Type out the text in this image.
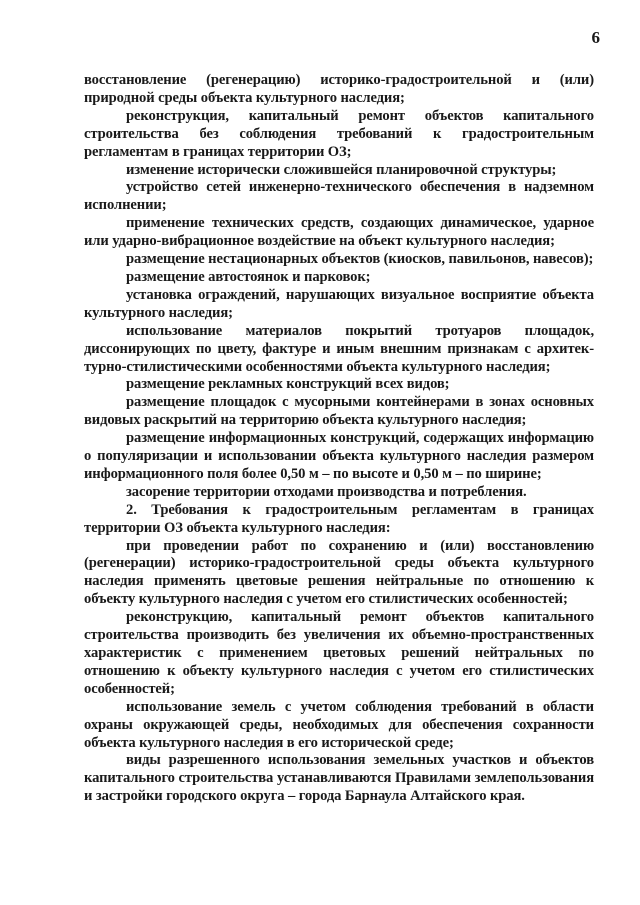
6

восстановление (регенерацию) историко-градостроительной и (или) природной среды объекта культурного наследия;

реконструкция, капитальный ремонт объектов капитального строительства без соблюдения требований к градостроительным регламентам в границах территории ОЗ;

изменение исторически сложившейся планировочной структуры;

устройство сетей инженерно-технического обеспечения в надземном исполнении;

применение технических средств, создающих динамическое, ударное или ударно-вибрационное воздействие на объект культурного наследия;

размещение нестационарных объектов (киосков, павильонов, навесов);

размещение автостоянок и парковок;

установка ограждений, нарушающих визуальное восприятие объекта культурного наследия;

использование материалов покрытий тротуаров площадок, диссонирующих по цвету, фактуре и иным внешним признакам с архитек-турно-стилистическими особенностями объекта культурного наследия;

размещение рекламных конструкций всех видов;

размещение площадок с мусорными контейнерами в зонах основных видовых раскрытий на территорию объекта культурного наследия;

размещение информационных конструкций, содержащих информацию о популяризации и использовании объекта культурного наследия размером информационного поля более 0,50 м – по высоте и 0,50 м – по ширине;

засорение территории отходами производства и потребления.

2. Требования к градостроительным регламентам в границах территории ОЗ объекта культурного наследия:

при проведении работ по сохранению и (или) восстановлению (регенерации) историко-градостроительной среды объекта культурного наследия применять цветовые решения нейтральные по отношению к объекту культурного наследия с учетом его стилистических особенностей;

реконструкцию, капитальный ремонт объектов капитального строительства производить без увеличения их объемно-пространственных характеристик с применением цветовых решений нейтральных по отношению к объекту культурного наследия с учетом его стилистических особенностей;

использование земель с учетом соблюдения требований в области охраны окружающей среды, необходимых для обеспечения сохранности объекта культурного наследия в его исторической среде;

виды разрешенного использования земельных участков и объектов капитального строительства устанавливаются Правилами землепользования и застройки городского округа – города Барнаула Алтайского края.
